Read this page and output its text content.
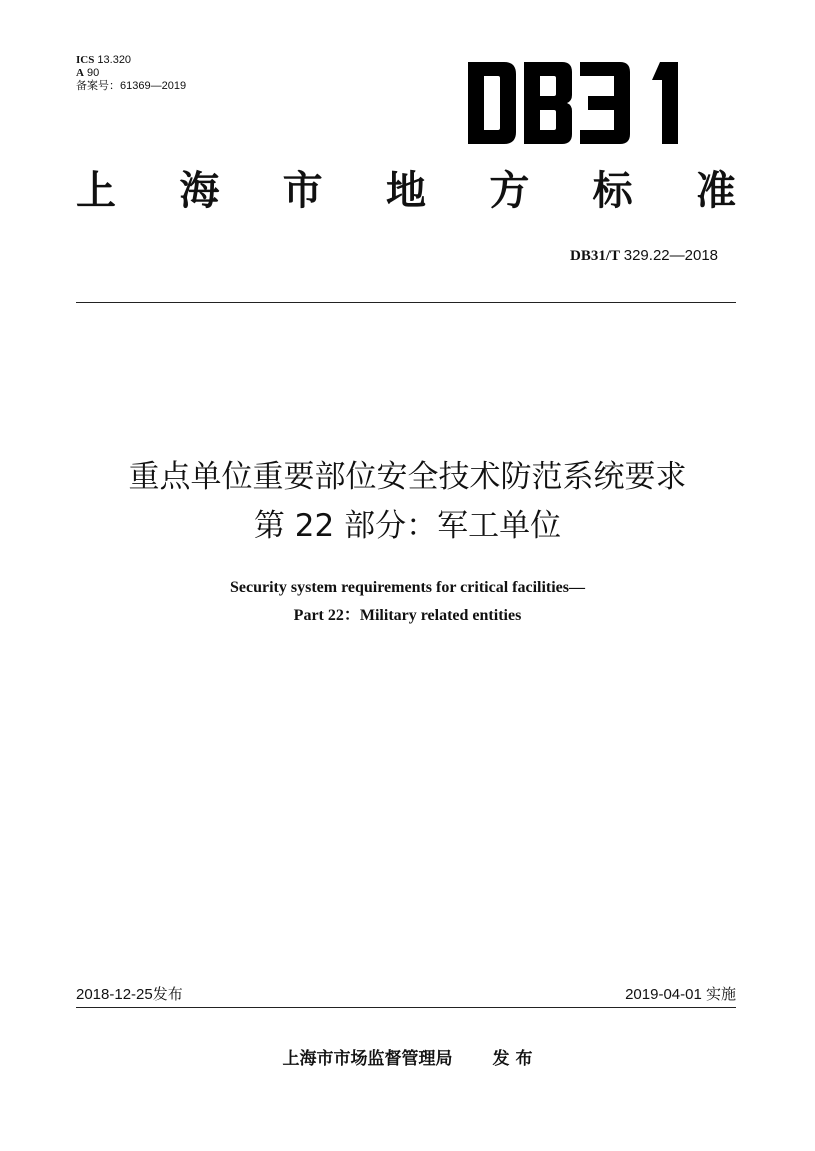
ICS 13.320
A 90
备案号：61369—2019
上 海 市 地 方 标 准
DB31/T 329.22—2018
重点单位重要部位安全技术防范系统要求
第 22 部分：军工单位
Security system requirements for critical facilities—
Part 22：Military related entities
2018-12-25发布	2019-04-01 实施
上海市市场监督管理局 发 布
